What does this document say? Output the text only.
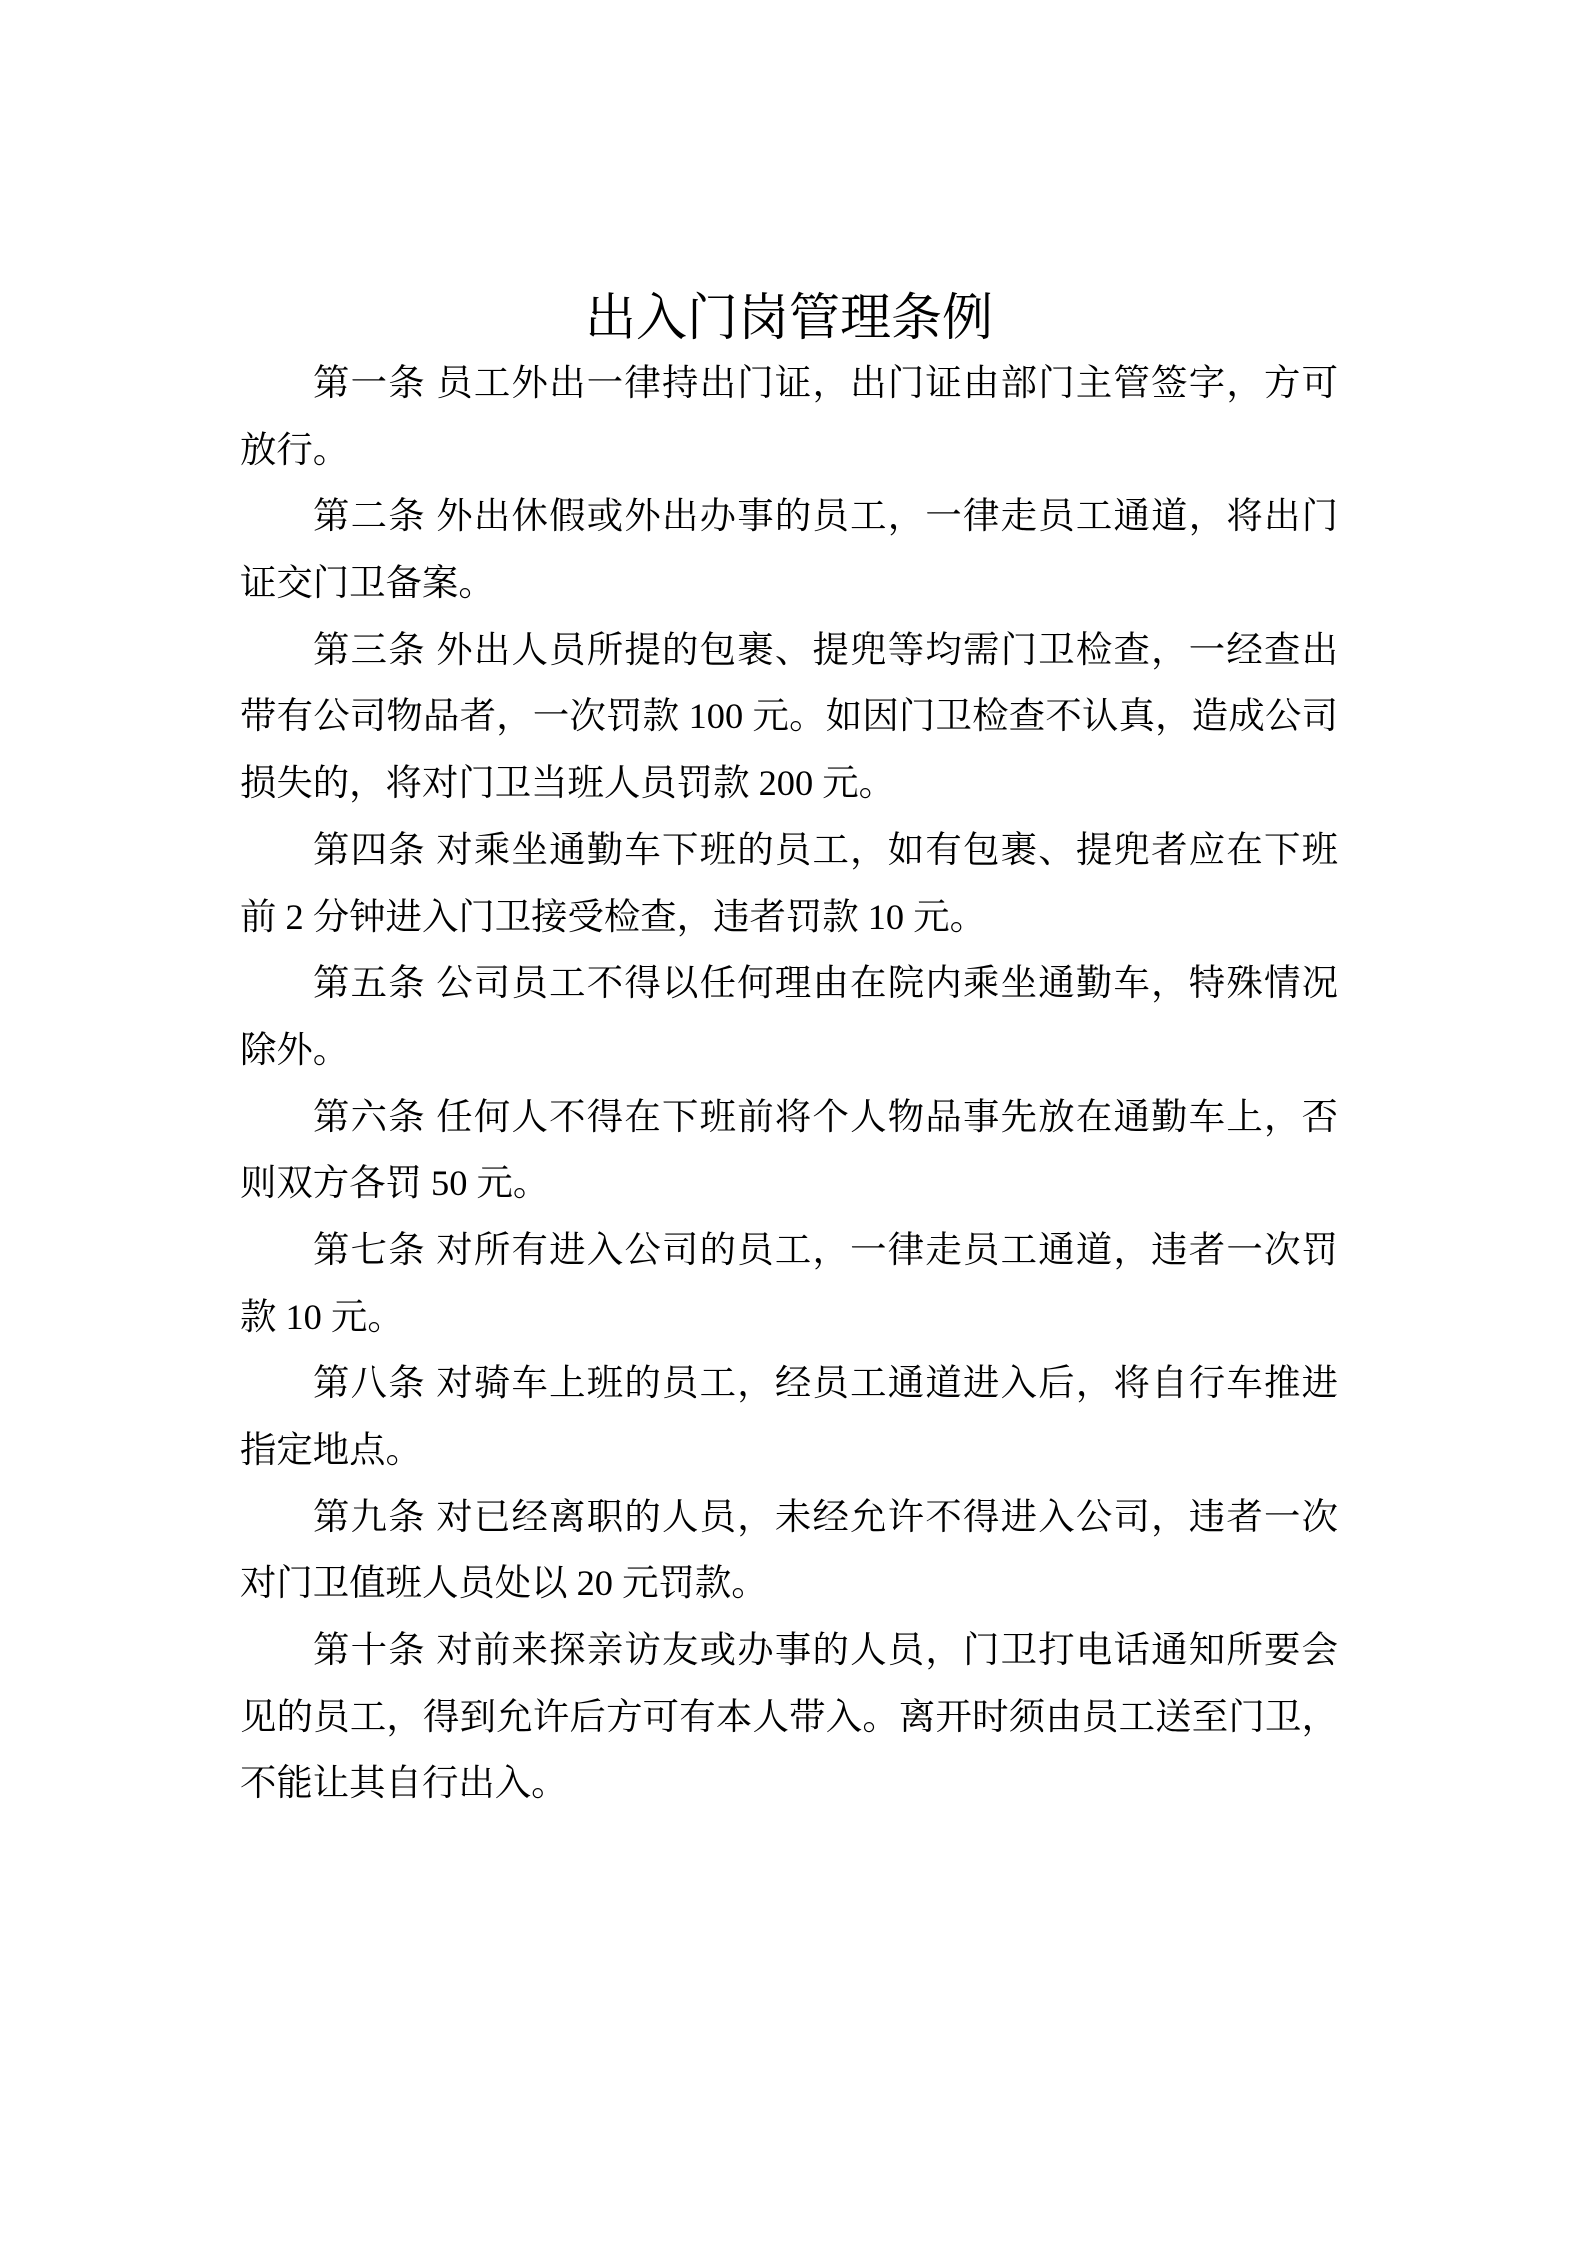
出入门岗管理条例
第一条 员工外出一律持出门证，出门证由部门主管签字，方可
放行。
第二条 外出休假或外出办事的员工，一律走员工通道，将出门
证交门卫备案。
第三条 外出人员所提的包裹、提兜等均需门卫检查，一经查出
带有公司物品者，一次罚款 100 元。如因门卫检查不认真，造成公司
损失的，将对门卫当班人员罚款 200 元。
第四条 对乘坐通勤车下班的员工，如有包裹、提兜者应在下班
前 2 分钟进入门卫接受检查，违者罚款 10 元。
第五条 公司员工不得以任何理由在院内乘坐通勤车，特殊情况
除外。
第六条 任何人不得在下班前将个人物品事先放在通勤车上，否
则双方各罚 50 元。
第七条 对所有进入公司的员工，一律走员工通道，违者一次罚
款 10 元。
第八条 对骑车上班的员工，经员工通道进入后，将自行车推进
指定地点。
第九条 对已经离职的人员，未经允许不得进入公司，违者一次
对门卫值班人员处以 20 元罚款。
第十条 对前来探亲访友或办事的人员，门卫打电话通知所要会
见的员工，得到允许后方可有本人带入。离开时须由员工送至门卫，
不能让其自行出入。
